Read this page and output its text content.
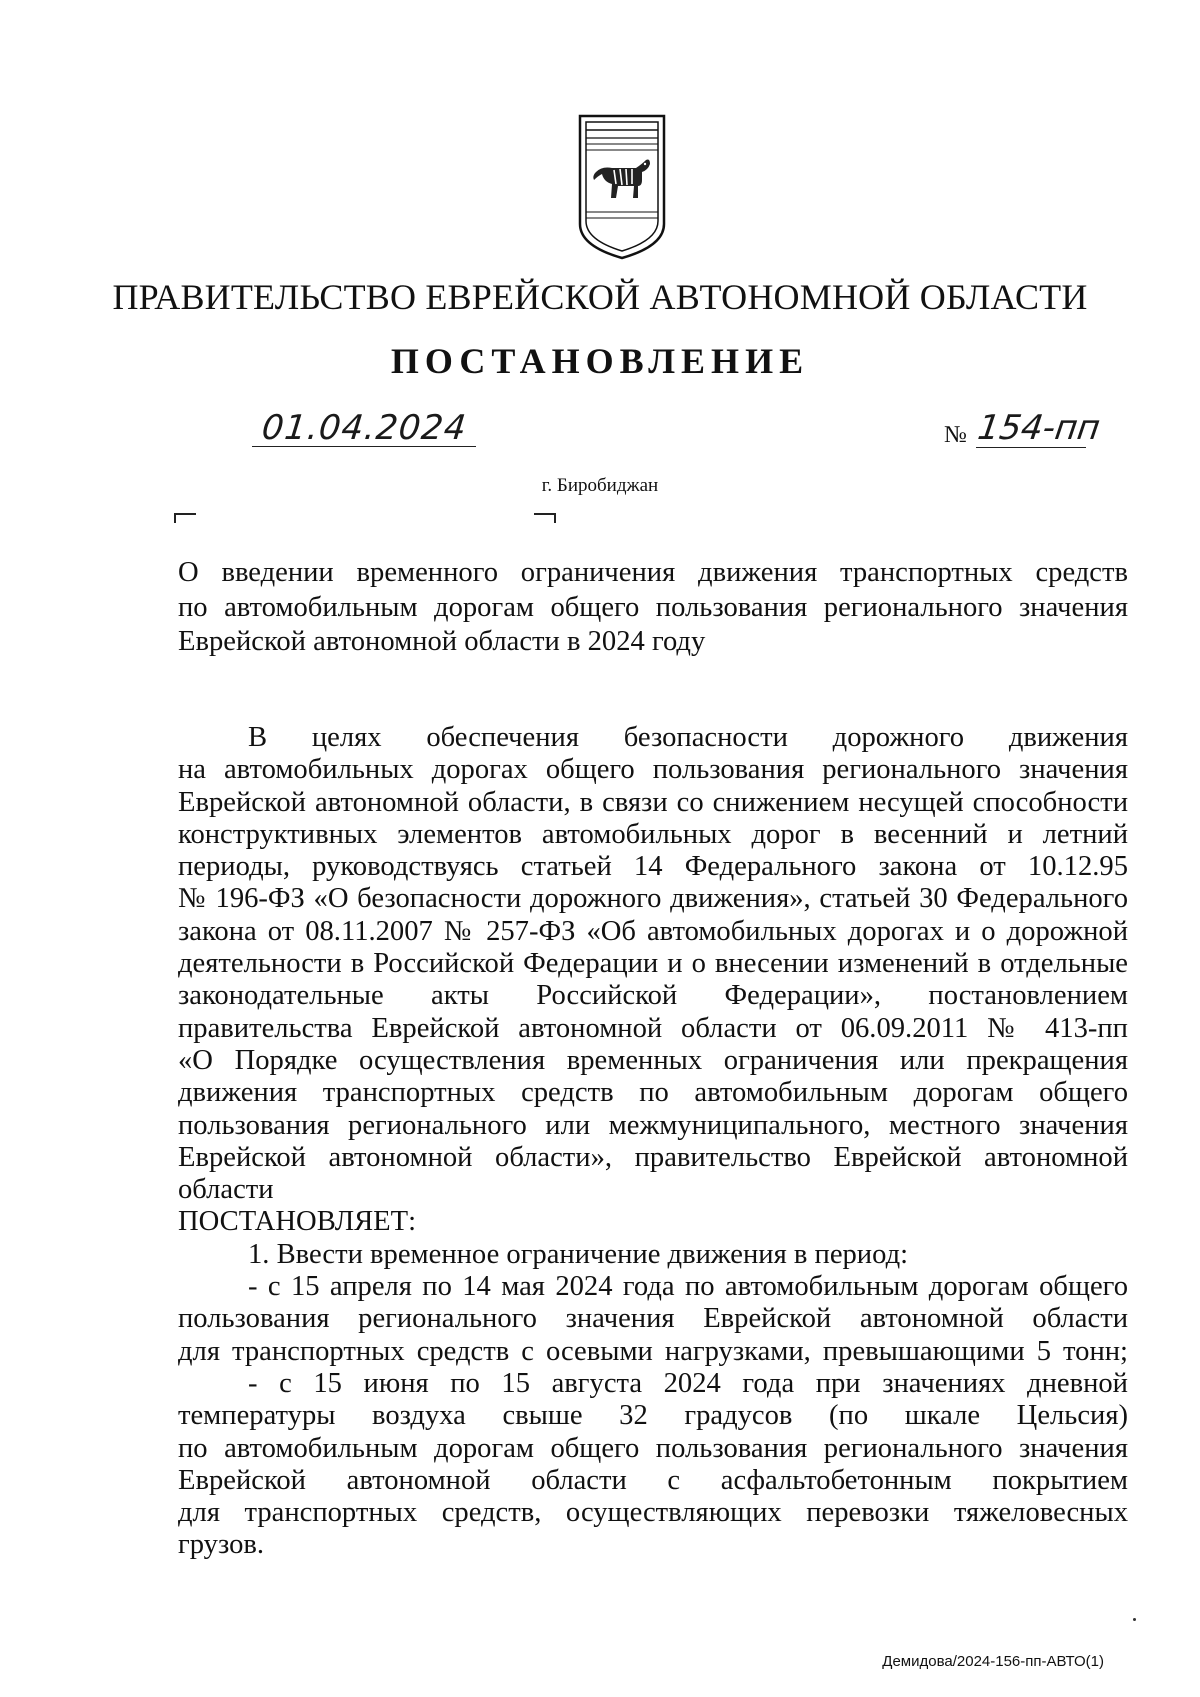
ПРАВИТЕЛЬСТВО ЕВРЕЙСКОЙ АВТОНОМНОЙ ОБЛАСТИ
ПОСТАНОВЛЕНИЕ
01.04.2024	№ 154-пп
г. Биробиджан
О введении временного ограничения движения транспортных средств
по автомобильным дорогам общего пользования регионального значения
Еврейской автономной области в 2024 году
В целях обеспечения безопасности дорожного движения
на автомобильных дорогах общего пользования регионального значения
Еврейской автономной области, в связи со снижением несущей способности
конструктивных элементов автомобильных дорог в весенний и летний
периоды, руководствуясь статьей 14 Федерального закона от 10.12.95
№ 196-ФЗ «О безопасности дорожного движения», статьей 30 Федерального
закона от 08.11.2007 № 257-ФЗ «Об автомобильных дорогах и о дорожной
деятельности в Российской Федерации и о внесении изменений в отдельные
законодательные акты Российской Федерации», постановлением
правительства Еврейской автономной области от 06.09.2011 № 413-пп
«О Порядке осуществления временных ограничения или прекращения
движения транспортных средств по автомобильным дорогам общего
пользования регионального или межмуниципального, местного значения
Еврейской автономной области», правительство Еврейской автономной
области
ПОСТАНОВЛЯЕТ:
1. Ввести временное ограничение движения в период:
- с 15 апреля по 14 мая 2024 года по автомобильным дорогам общего
пользования регионального значения Еврейской автономной области
для транспортных средств с осевыми нагрузками, превышающими 5 тонн;
- с 15 июня по 15 августа 2024 года при значениях дневной
температуры воздуха свыше 32 градусов (по шкале Цельсия)
по автомобильным дорогам общего пользования регионального значения
Еврейской автономной области с асфальтобетонным покрытием
для транспортных средств, осуществляющих перевозки тяжеловесных
грузов.
Демидова/2024-156-пп-АВТО(1)
